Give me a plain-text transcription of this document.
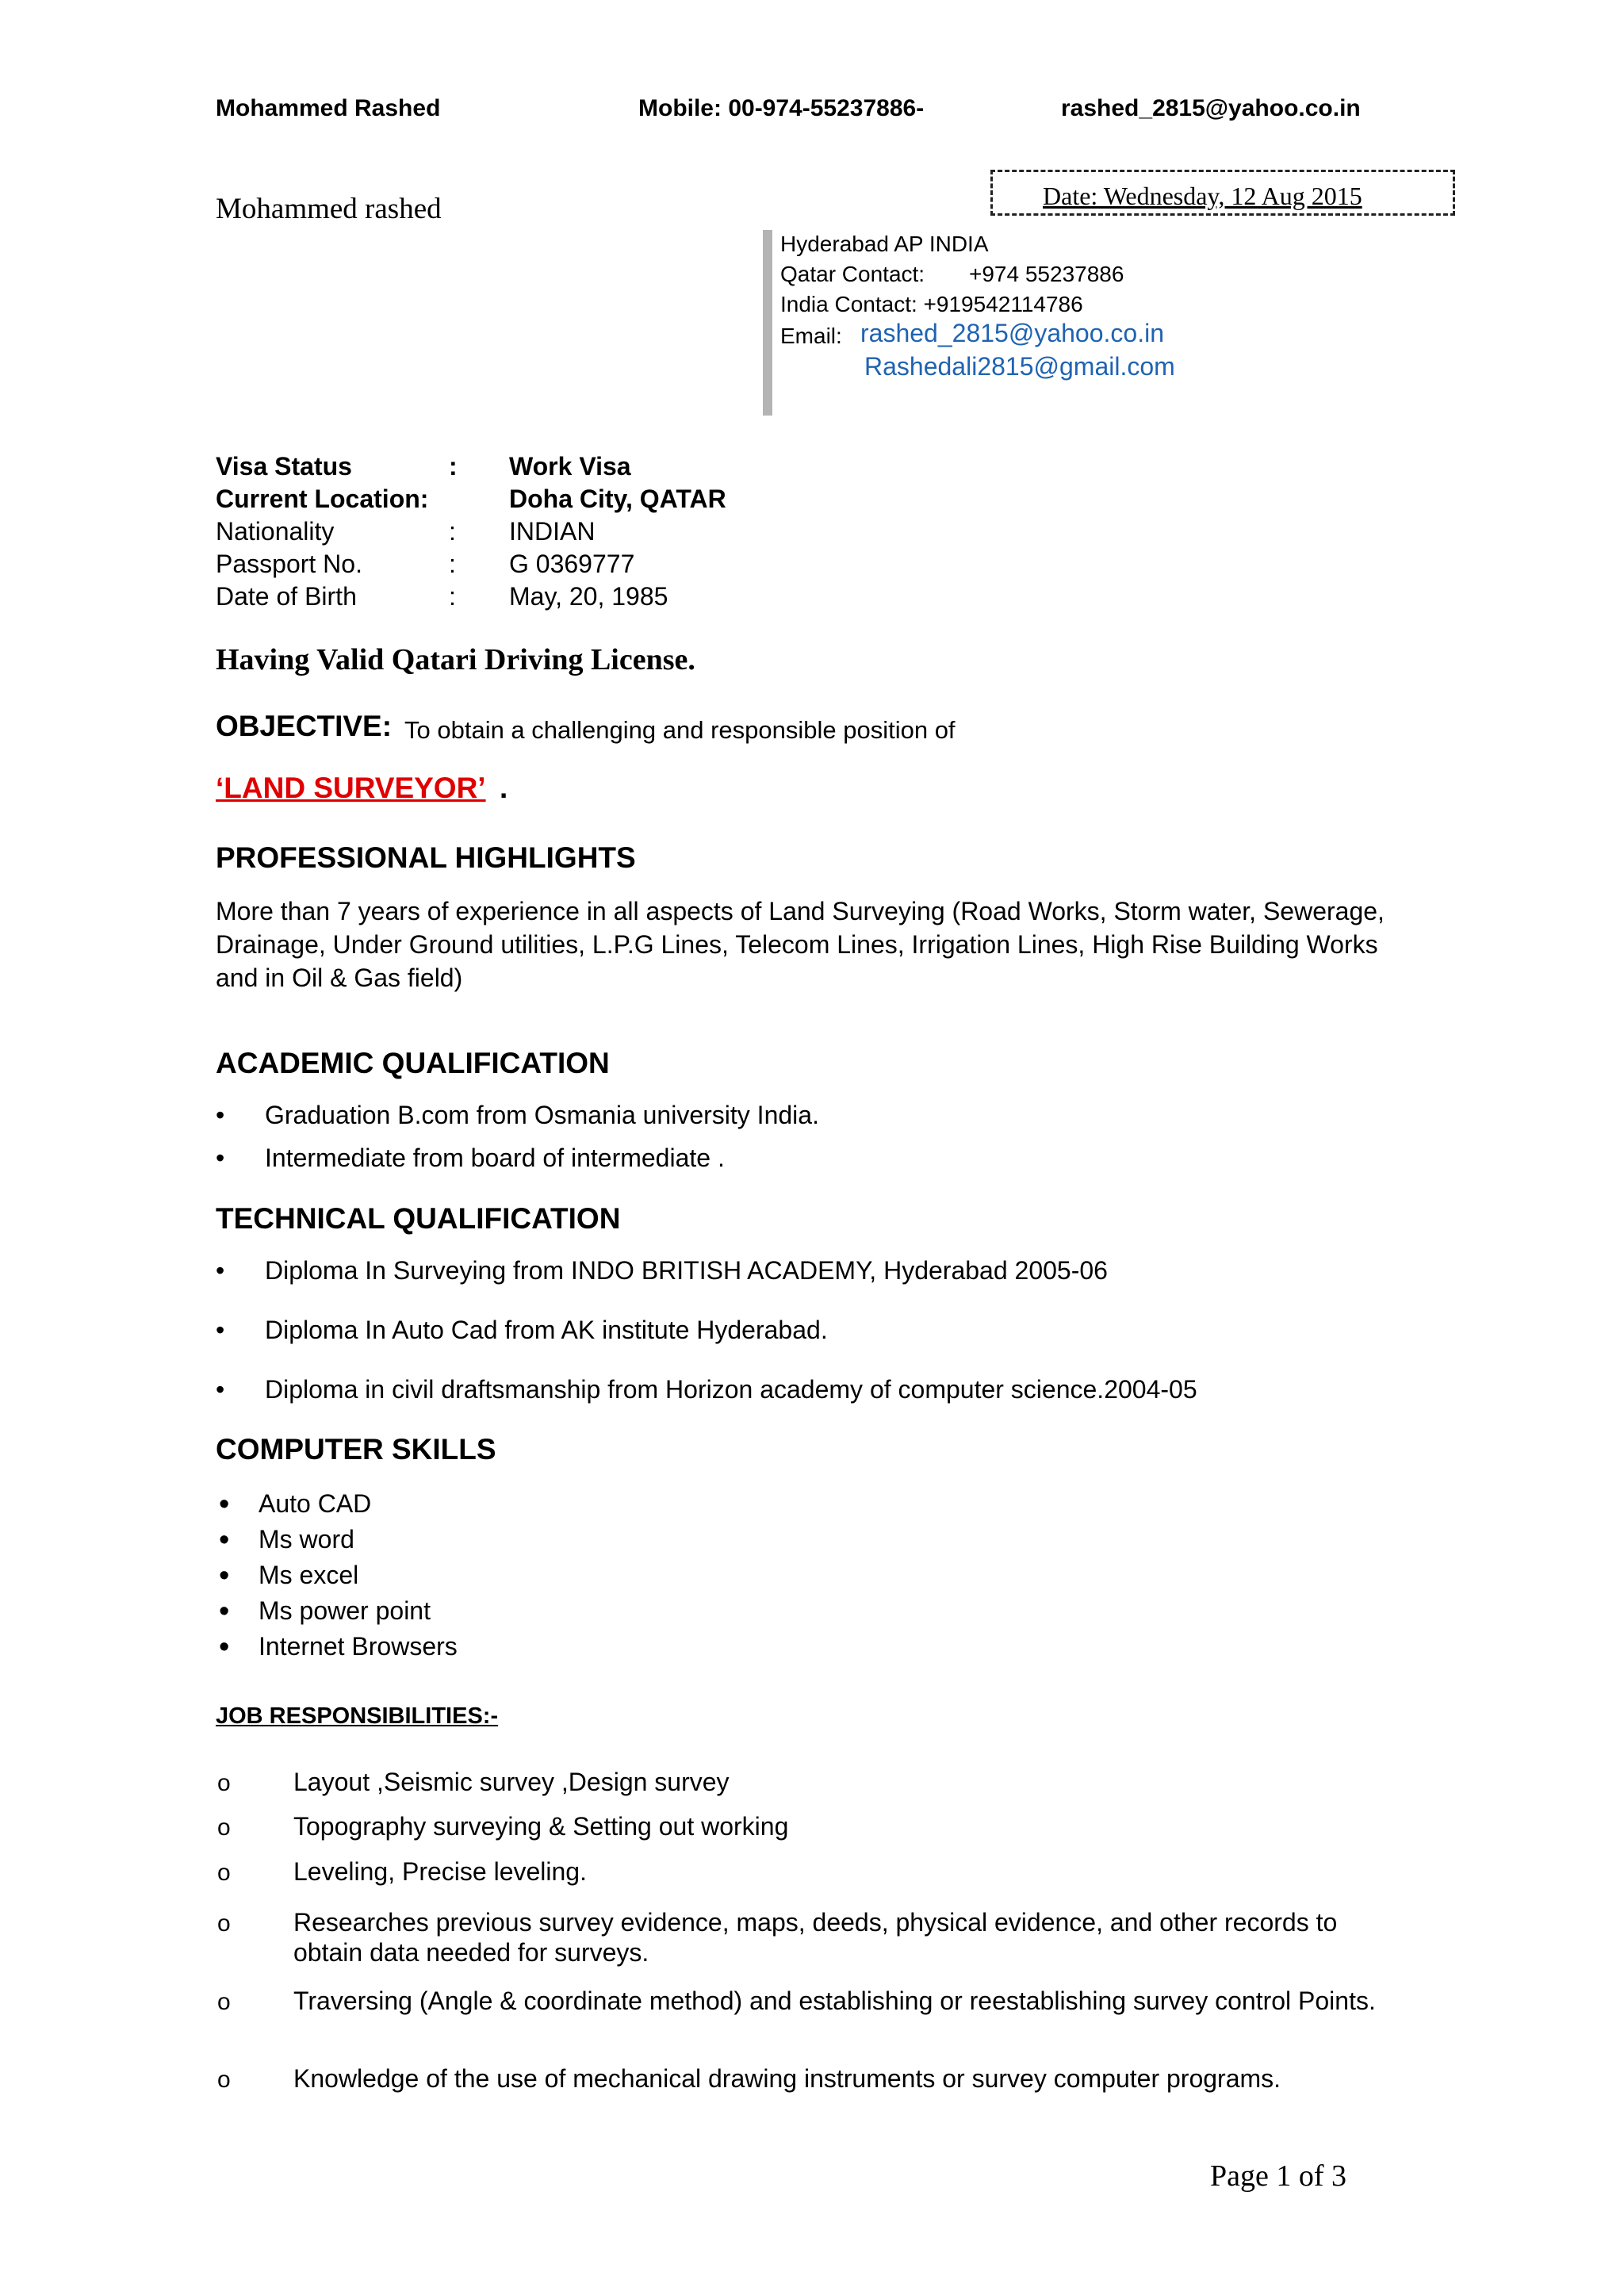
Mohammed Rashed	Mobile: 00-974-55237886-	rashed_2815@yahoo.co.in
Mohammed rashed	Date: Wednesday, 12 Aug 2015
Hyderabad AP INDIA
Qatar Contact: +974 55237886
India Contact: +919542114786
Email: rashed_2815@yahoo.co.in
Rashedali2815@gmail.com
Visa Status	: Work Visa
Current Location:	Doha City, QATAR
Nationality	: INDIAN
Passport No.	: G 0369777
Date of Birth	: May, 20, 1985
Having Valid Qatari Driving License.
OBJECTIVE: To obtain a challenging and responsible position of
‘LAND SURVEYOR’ .
PROFESSIONAL HIGHLIGHTS
More than 7 years of experience in all aspects of Land Surveying (Road Works, Storm water, Sewerage, Drainage, Under Ground utilities, L.P.G Lines, Telecom Lines, Irrigation Lines, High Rise Building Works and in Oil & Gas field)
ACADEMIC QUALIFICATION
• Graduation B.com from Osmania university India.
• Intermediate from board of intermediate .
TECHNICAL QUALIFICATION
• Diploma In Surveying from INDO BRITISH ACADEMY, Hyderabad 2005-06
• Diploma In Auto Cad from AK institute Hyderabad.
• Diploma in civil draftsmanship from Horizon academy of computer science.2004-05
COMPUTER SKILLS
• Auto CAD
• Ms word
• Ms excel
• Ms power point
• Internet Browsers
JOB RESPONSIBILITIES:-
o Layout ,Seismic survey ,Design survey
o Topography surveying & Setting out working
o Leveling, Precise leveling.
o Researches previous survey evidence, maps, deeds, physical evidence, and other records to obtain data needed for surveys.
o Traversing (Angle & coordinate method) and establishing or reestablishing survey control Points.
o Knowledge of the use of mechanical drawing instruments or survey computer programs.
Page 1 of 3
